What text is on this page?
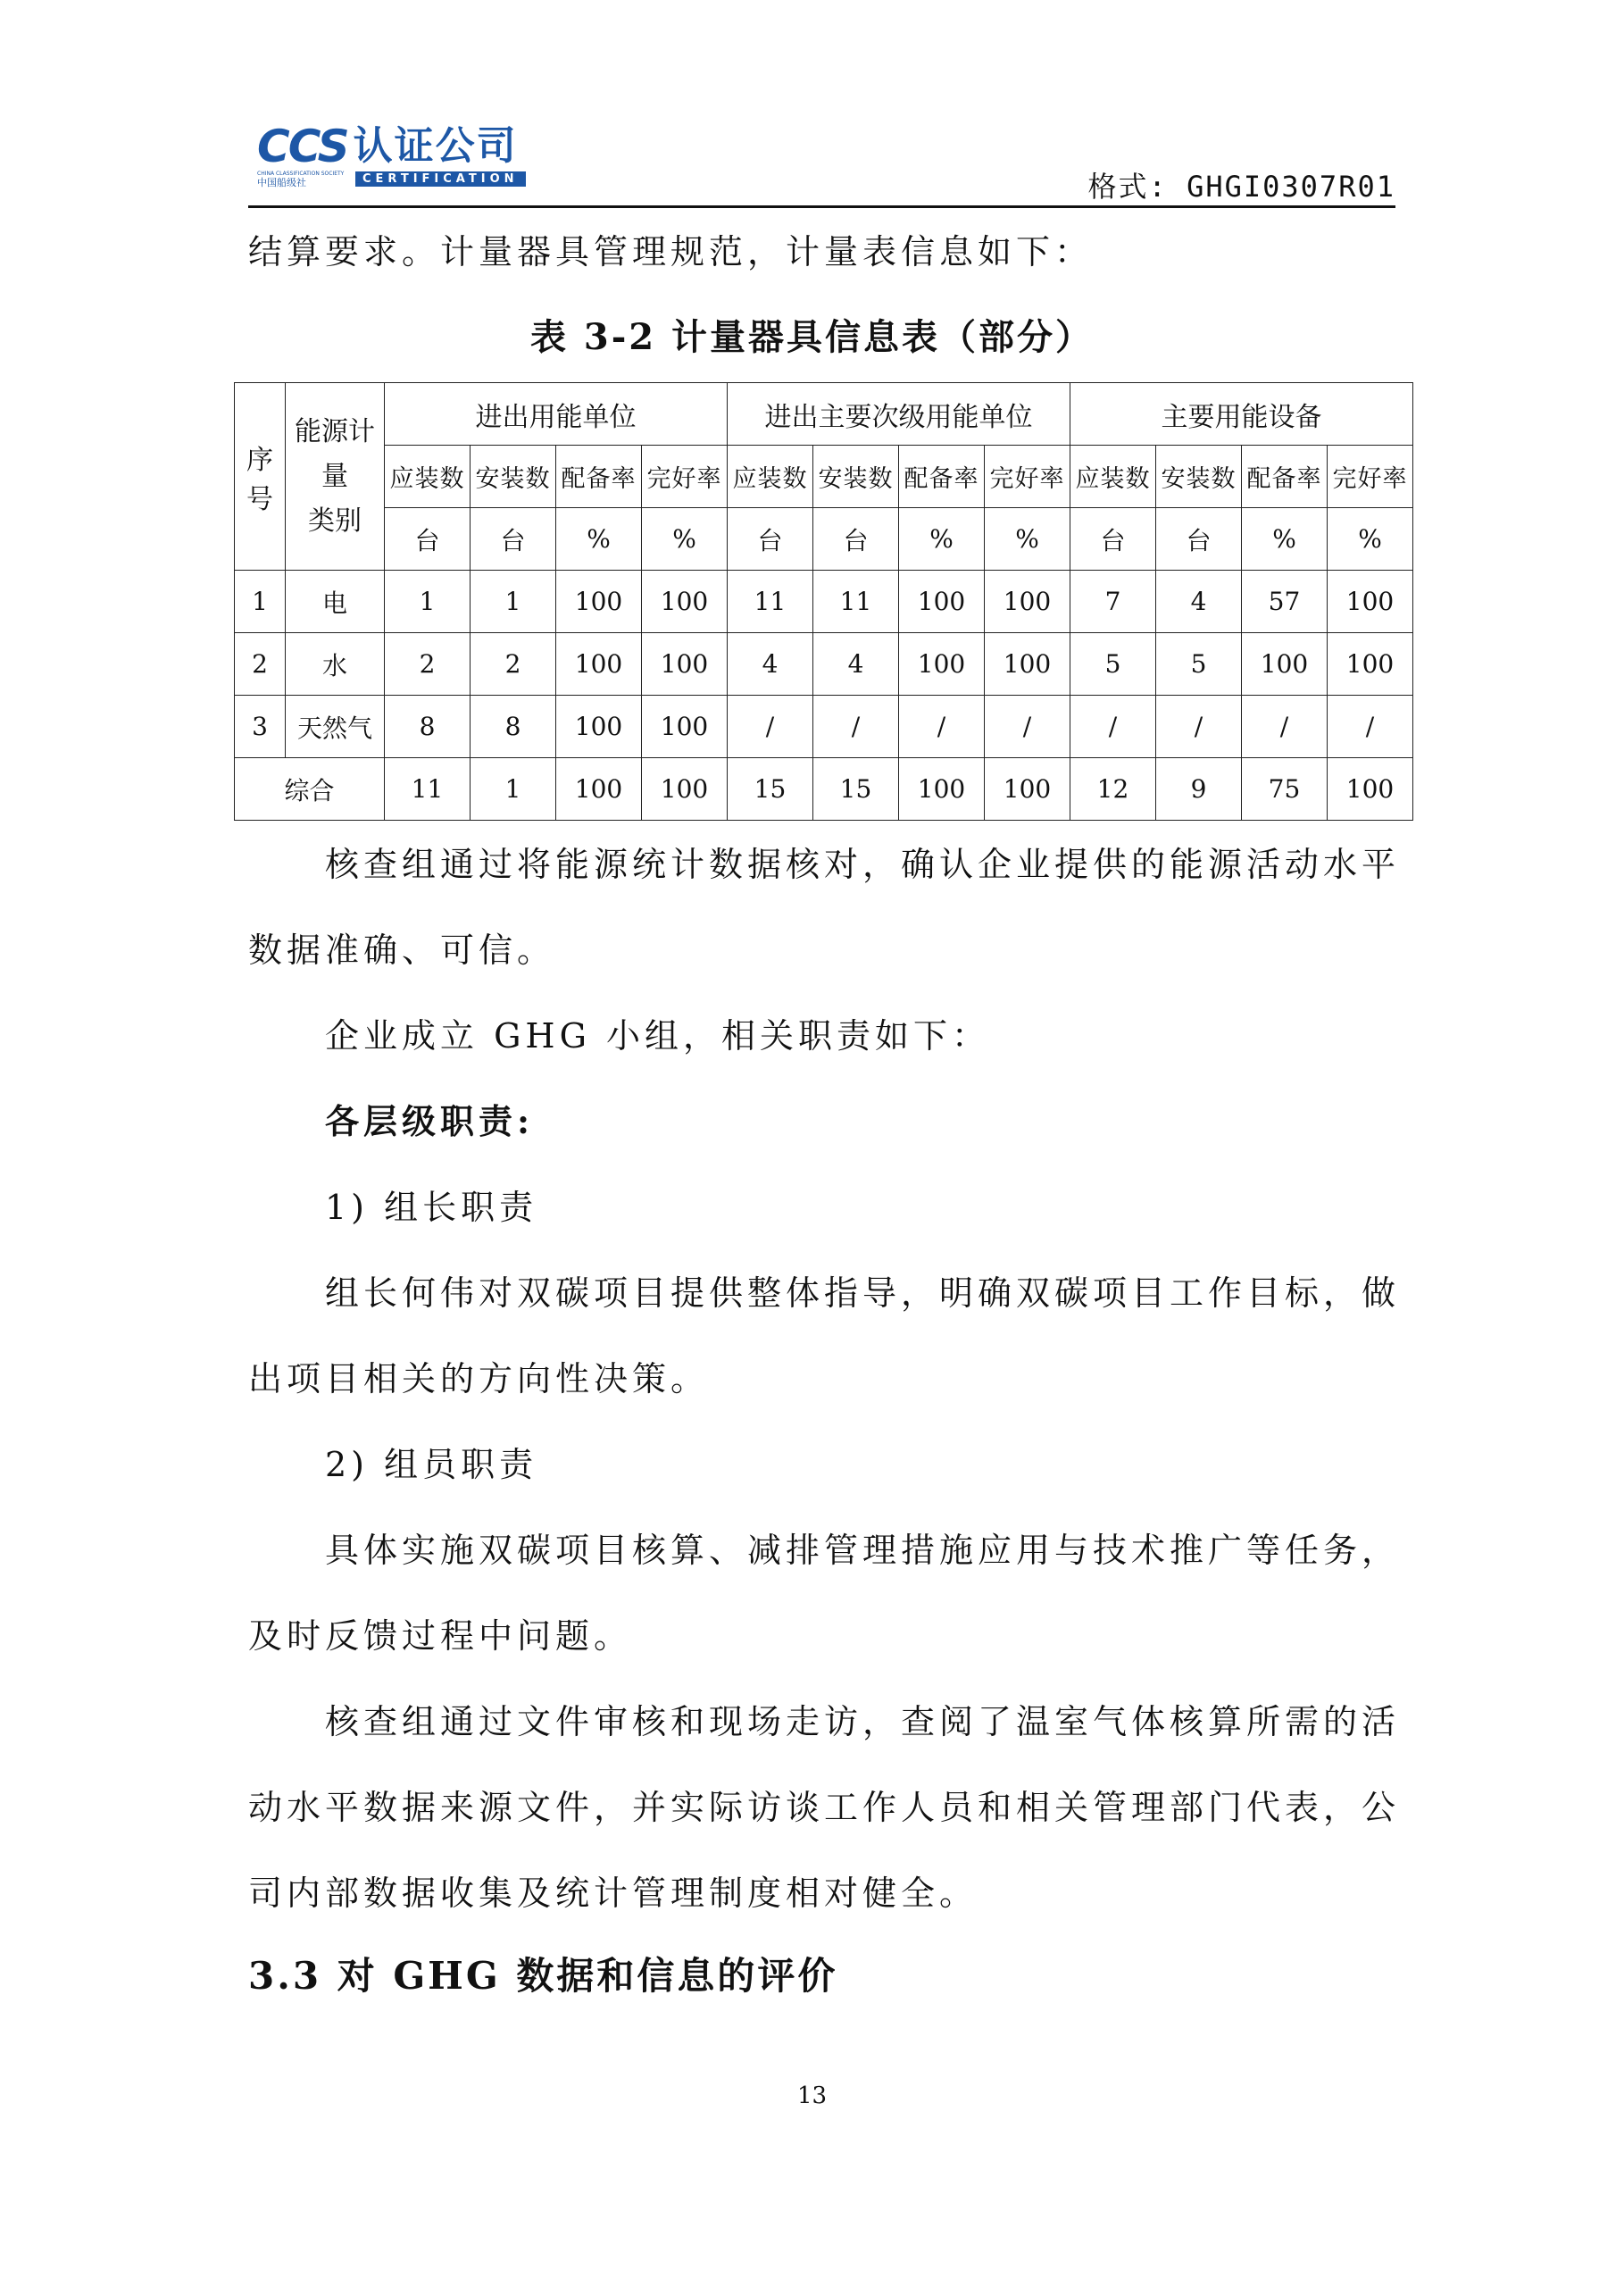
CCS 认证公司
CHINA CLASSIFICATION SOCIETY
中国船级社	CERTIFICATION	格式: GHGI0307R01
结算要求。计量器具管理规范，计量表信息如下：
表 3-2 计量器具信息表（部分）
序号	能源计
量
类别	进出用能单位				进出主要次级用能单位				主要用能设备			
		应装数	安装数	配备率	完好率	应装数	安装数	配备率	完好率	应装数	安装数	配备率	完好率
		台	台	%	%	台	台	%	%	台	台	%	%
1	电	1	1	100	100	11	11	100	100	7	4	57	100
2	水	2	2	100	100	4	4	100	100	5	5	100	100
3	天然气	8	8	100	100	/	/	/	/	/	/	/	/
综合		11	1	100	100	15	15	100	100	12	9	75	100
核查组通过将能源统计数据核对，确认企业提供的能源活动水平
数据准确、可信。
企业成立 GHG 小组，相关职责如下：
各层级职责:
1) 组长职责
组长何伟对双碳项目提供整体指导，明确双碳项目工作目标，做
出项目相关的方向性决策。
2) 组员职责
具体实施双碳项目核算、减排管理措施应用与技术推广等任务，
及时反馈过程中问题。
核查组通过文件审核和现场走访，查阅了温室气体核算所需的活
动水平数据来源文件，并实际访谈工作人员和相关管理部门代表，公
司内部数据收集及统计管理制度相对健全。
3.3 对 GHG 数据和信息的评价
13
